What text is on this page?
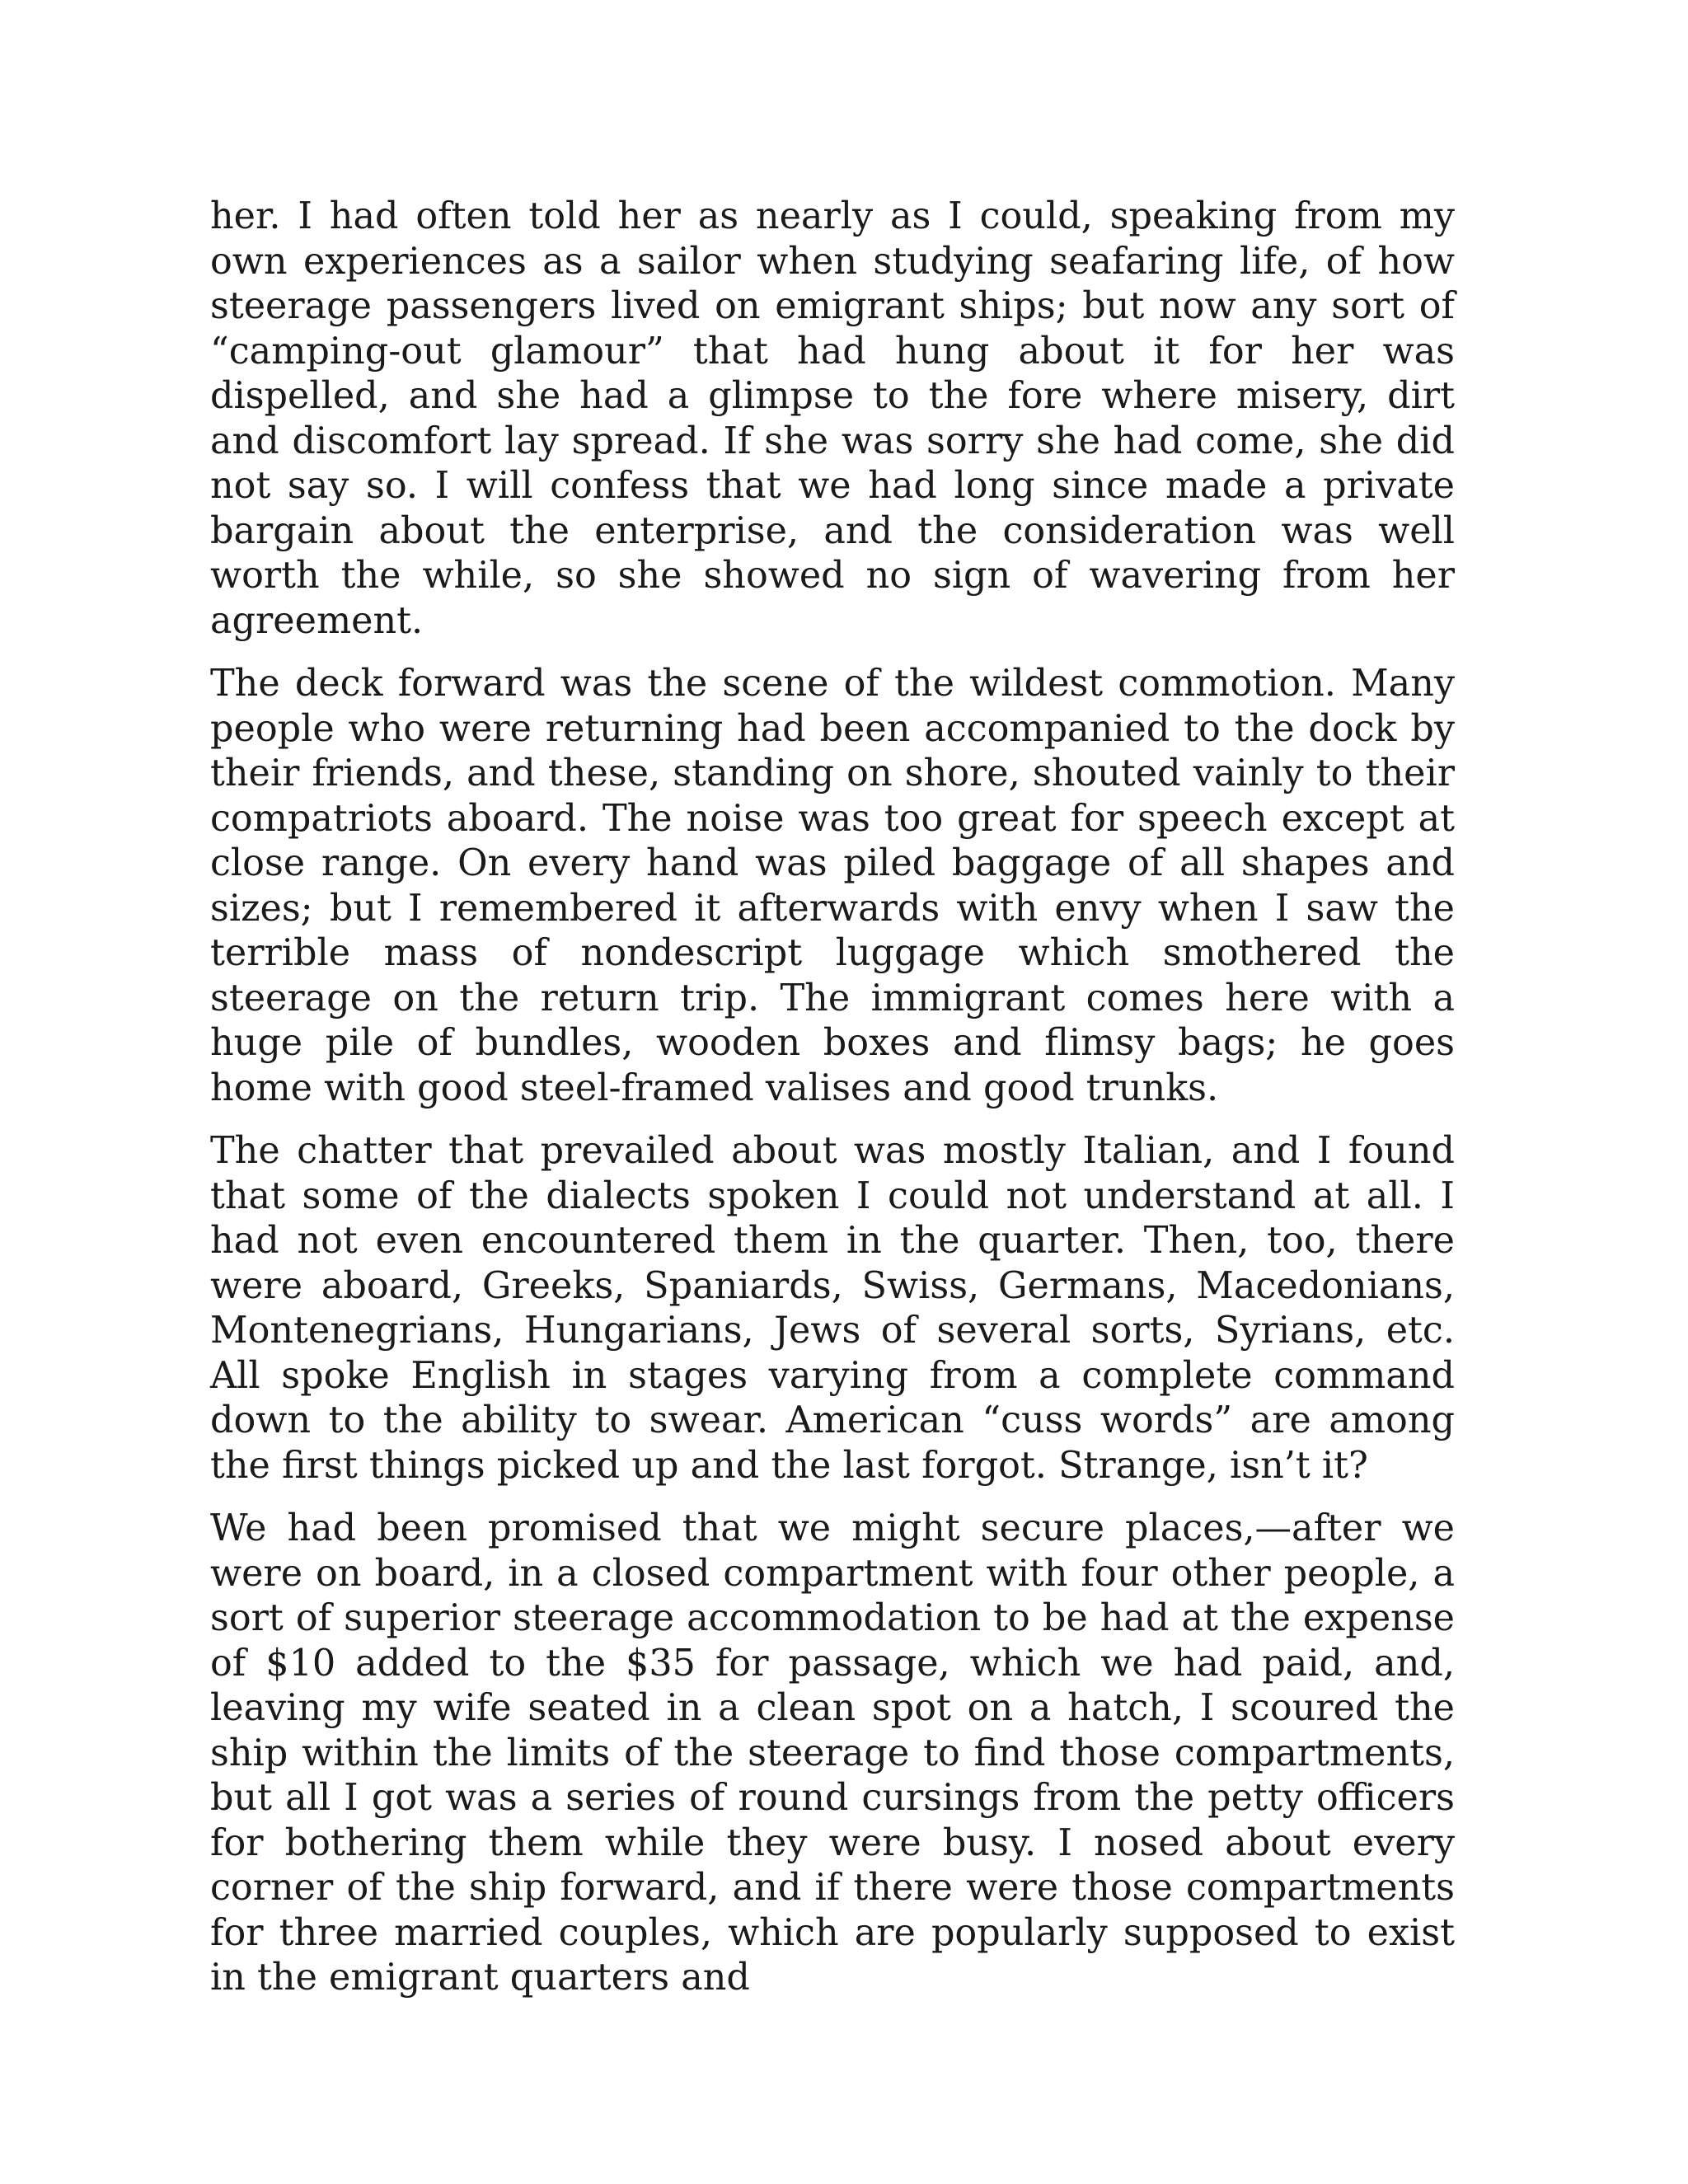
her. I had often told her as nearly as I could, speaking from my own experiences as a sailor when studying seafaring life, of how steerage passengers lived on emigrant ships; but now any sort of “camping-out glamour” that had hung about it for her was dispelled, and she had a glimpse to the fore where misery, dirt and discomfort lay spread. If she was sorry she had come, she did not say so. I will confess that we had long since made a private bargain about the enterprise, and the consideration was well worth the while, so she showed no sign of wavering from her agreement.

The deck forward was the scene of the wildest commotion. Many people who were returning had been accompanied to the dock by their friends, and these, standing on shore, shouted vainly to their compatriots aboard. The noise was too great for speech except at close range. On every hand was piled baggage of all shapes and sizes; but I remembered it afterwards with envy when I saw the terrible mass of nondescript luggage which smothered the steerage on the return trip. The immigrant comes here with a huge pile of bundles, wooden boxes and flimsy bags; he goes home with good steel-framed valises and good trunks.

The chatter that prevailed about was mostly Italian, and I found that some of the dialects spoken I could not understand at all. I had not even encountered them in the quarter. Then, too, there were aboard, Greeks, Spaniards, Swiss, Germans, Macedonians, Montenegrians, Hungarians, Jews of several sorts, Syrians, etc. All spoke English in stages varying from a complete command down to the ability to swear. American “cuss words” are among the first things picked up and the last forgot. Strange, isn’t it?

We had been promised that we might secure places,—after we were on board, in a closed compartment with four other people, a sort of superior steerage accommodation to be had at the expense of $10 added to the $35 for passage, which we had paid, and, leaving my wife seated in a clean spot on a hatch, I scoured the ship within the limits of the steerage to find those compartments, but all I got was a series of round cursings from the petty officers for bothering them while they were busy. I nosed about every corner of the ship forward, and if there were those compartments for three married couples, which are popularly supposed to exist in the emigrant quarters and
